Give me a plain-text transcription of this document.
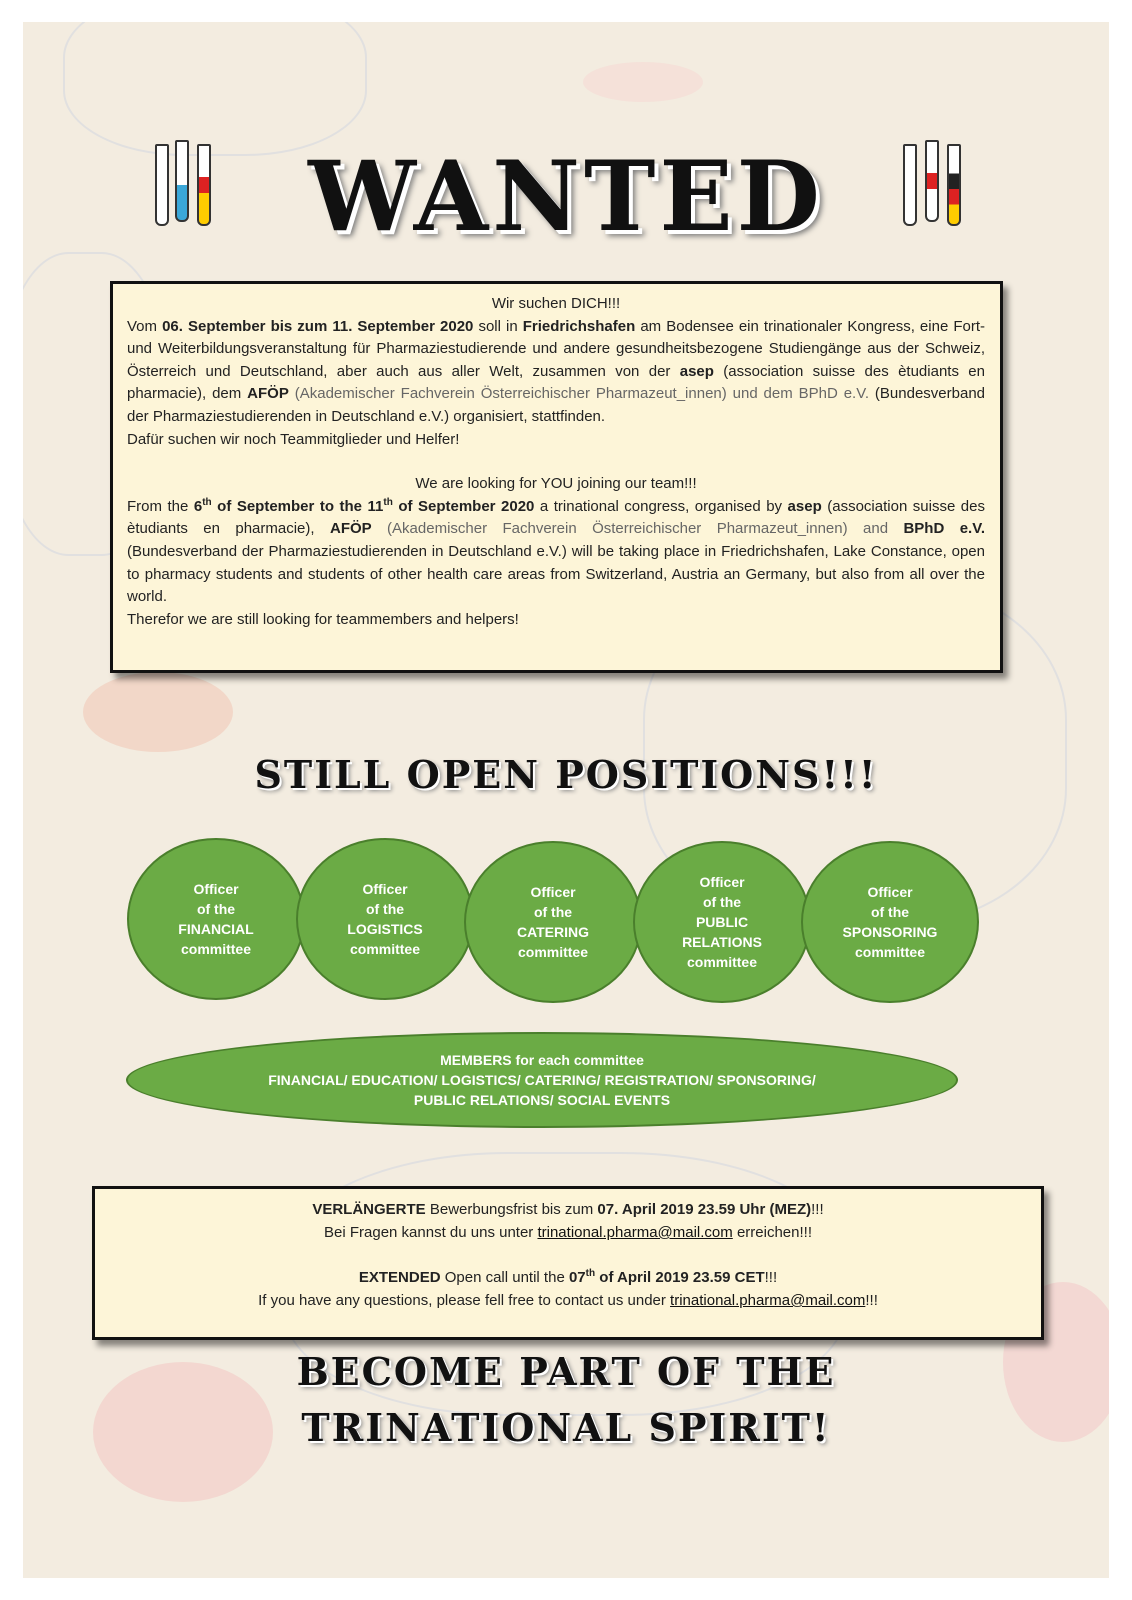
WANTED

Wir suchen DICH!!!

Vom 06. September bis zum 11. September 2020 soll in Friedrichshafen am Bodensee ein trinationaler Kongress, eine Fort- und Weiterbildungsveranstaltung für Pharmaziestudierende und andere gesundheitsbezogene Studiengänge aus der Schweiz, Österreich und Deutschland, aber auch aus aller Welt, zusammen von der asep (association suisse des ètudiants en pharmacie), dem AFÖP (Akademischer Fachverein Österreichischer Pharmazeut_innen) und dem BPhD e.V. (Bundesverband der Pharmaziestudierenden in Deutschland e.V.) organisiert, stattfinden.

Dafür suchen wir noch Teammitglieder und Helfer!

We are looking for YOU joining our team!!!

From the 6th of September to the 11th of September 2020 a trinational congress, organised by asep (association suisse des ètudiants en pharmacie), AFÖP (Akademischer Fachverein Österreichischer Pharmazeut_innen) and BPhD e.V. (Bundesverband der Pharmaziestudierenden in Deutschland e.V.) will be taking place in Friedrichshafen, Lake Constance, open to pharmacy students and students of other health care areas from Switzerland, Austria an Germany, but also from all over the world.

Therefor we are still looking for teammembers and helpers!

STILL OPEN POSITIONS!!!
Officer
of the
FINANCIAL
committee
Officer
of the
LOGISTICS
committee
Officer
of the
CATERING
committee
Officer
of the
PUBLIC
RELATIONS
committee
Officer
of the
SPONSORING
committee
MEMBERS for each committee
FINANCIAL/ EDUCATION/ LOGISTICS/ CATERING/ REGISTRATION/ SPONSORING/
PUBLIC RELATIONS/ SOCIAL EVENTS

VERLÄNGERTE Bewerbungsfrist bis zum 07. April 2019 23.59 Uhr (MEZ)!!!

Bei Fragen kannst du uns unter trinational.pharma@mail.com erreichen!!!

EXTENDED Open call until the 07th of April 2019 23.59 CET!!!

If you have any questions, please fell free to contact us under trinational.pharma@mail.com!!!

BECOME PART OF THE
TRINATIONAL SPIRIT!
